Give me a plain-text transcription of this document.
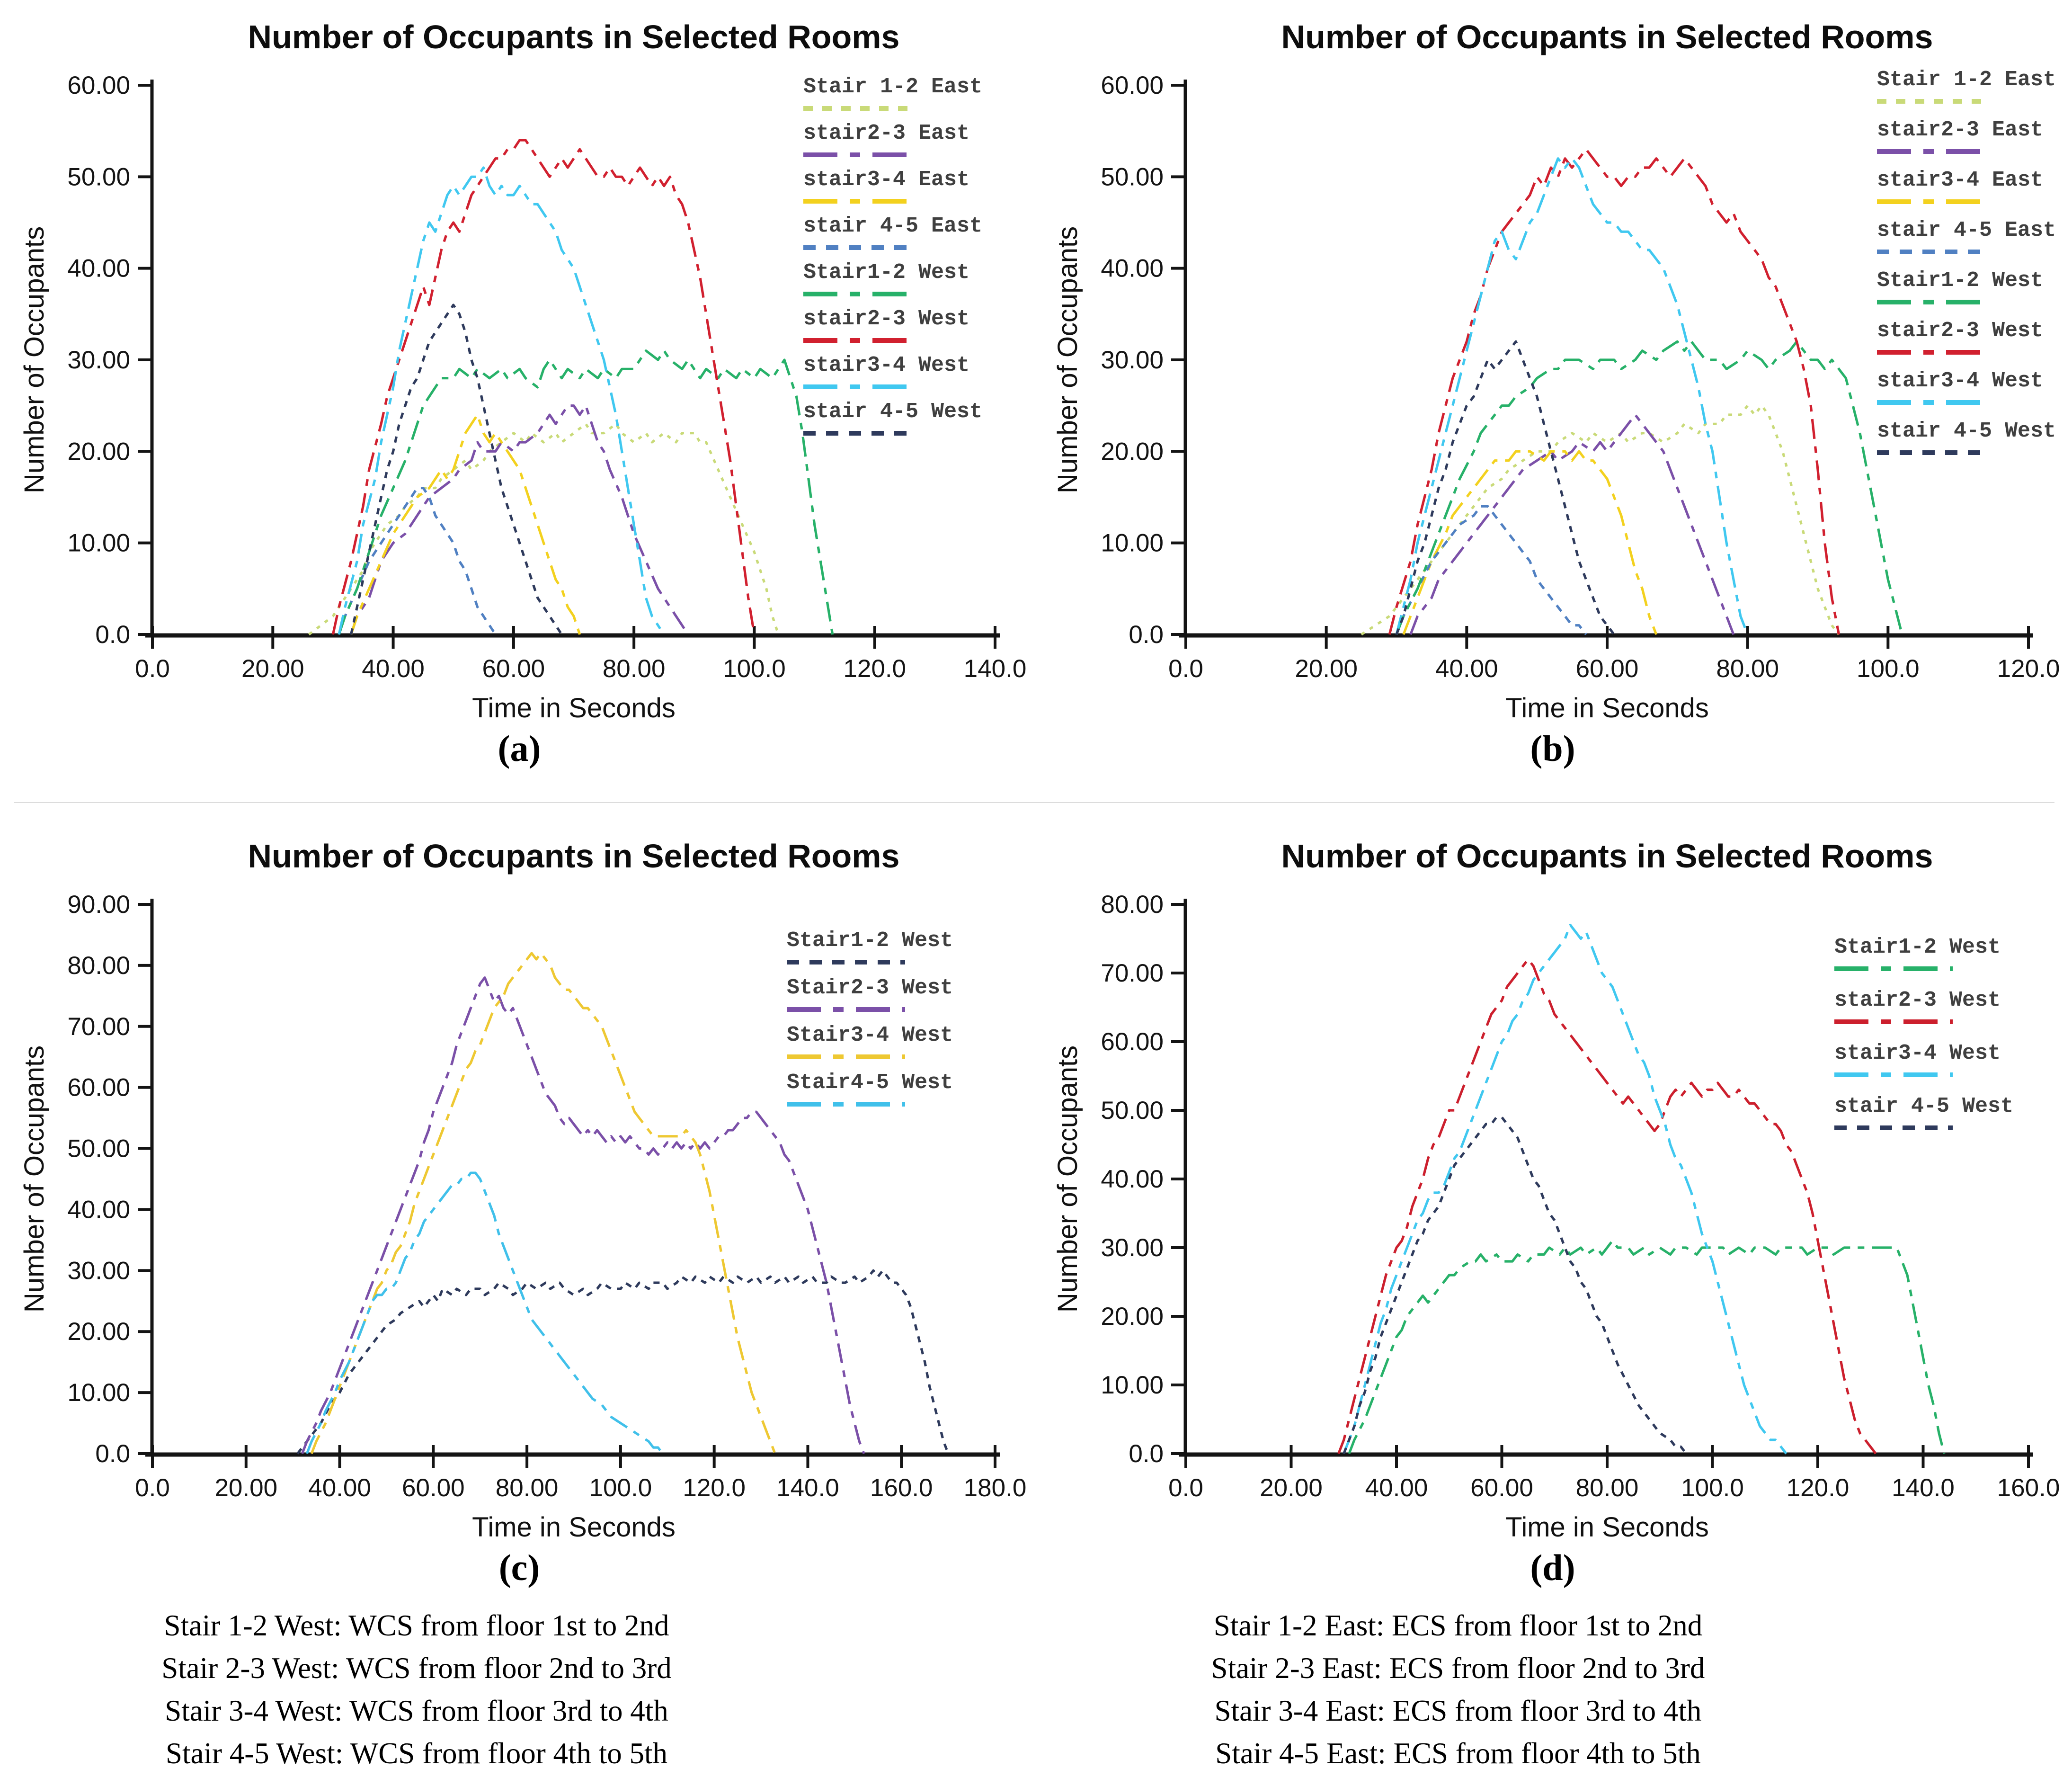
Number of Occupants in Selected Rooms
Time in Seconds
Number of Occupants
0.0	20.00 40.00 60.00 80.00 100.0 120.0 140.0
0.0
10.00
20.00
30.00
40.00
50.00
60.00	Stair 1-2 East
stair2-3 East
stair3-4 East
stair 4-5 East
Stair1-2 West
stair2-3 West
stair3-4 West
stair 4-5 West
(a)
Number of Occupants in Selected Rooms
Time in Seconds
Number of Occupants
0.0	20.00	40.00	60.00	80.00	100.0	120.0
0.0
10.00
20.00
30.00
40.00
50.00
60.00	Stair 1-2 East
stair2-3 East
stair3-4 East
stair 4-5 East
Stair1-2 West
stair2-3 West
stair3-4 West
stair 4-5 West
(b)
Number of Occupants in Selected Rooms
Time in Seconds
Number of Occupants
0.0 20.00 40.00 60.00 80.00 100.0 120.0 140.0 160.0 180.0
0.0
10.00
20.00
30.00
40.00
50.00
60.00
70.00
80.00
90.00
Stair1-2 West
Stair2-3 West
Stair3-4 West
Stair4-5 West
(c)
Number of Occupants in Selected Rooms
Time in Seconds
Number of Occupants
0.0 20.00 40.00 60.00 80.00 100.0 120.0 140.0 160.0
0.0
10.00
20.00
30.00
40.00
50.00
60.00
70.00
80.00
Stair1-2 West
stair2-3 West
stair3-4 West
stair 4-5 West
(d)
Stair 1-2 West: WCS from floor 1st to 2nd
Stair 2-3 West: WCS from floor 2nd to 3rd
Stair 3-4 West: WCS from floor 3rd to 4th
Stair 4-5 West: WCS from floor 4th to 5th
Stair 1-2 East: ECS from floor 1st to 2nd
Stair 2-3 East: ECS from floor 2nd to 3rd
Stair 3-4 East: ECS from floor 3rd to 4th
Stair 4-5 East: ECS from floor 4th to 5th
